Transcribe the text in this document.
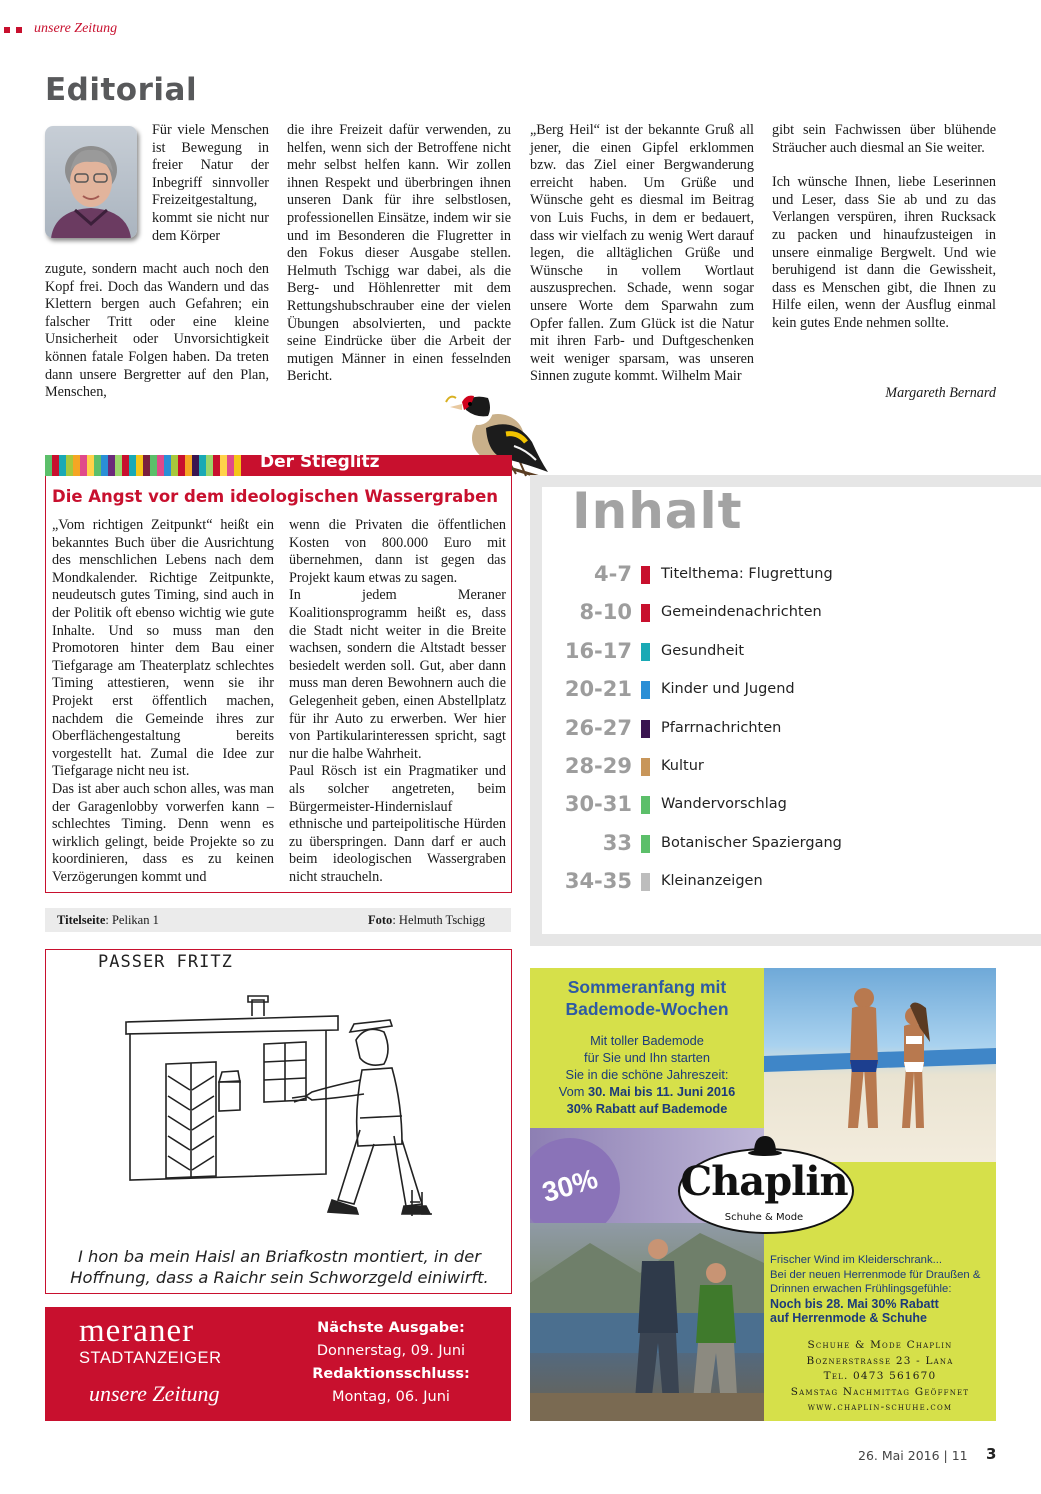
unsere Zeitung
Editorial

Für viele Menschen ist Bewegung in freier Natur der Inbegriff sinnvoller Freizeitgestaltung, kommt sie nicht nur dem Körper

zugute, sondern macht auch noch den Kopf frei. Doch das Wandern und das Klettern bergen auch Gefahren; ein falscher Tritt oder eine kleine Unsicherheit oder Unvorsichtigkeit können fatale Folgen haben. Da treten dann unsere Bergretter auf den Plan, Menschen,

die ihre Freizeit dafür verwenden, zu helfen, wenn sich der Betroffene nicht mehr selbst helfen kann. Wir zollen ihnen Respekt und überbringen ihnen unseren Dank für ihre selbstlosen, professionellen Einsätze, indem wir sie und im Besonderen die Flugretter in den Fokus dieser Ausgabe stellen. Helmuth Tschigg war dabei, als die Berg- und Höhlenretter mit dem Rettungshubschrauber eine der vielen Übungen absolvierten, und packte seine Eindrücke über die Arbeit der mutigen Männer in einen fesselnden Bericht.

„Berg Heil“ ist der bekannte Gruß all jener, die einen Gipfel erklommen bzw. das Ziel einer Bergwanderung erreicht haben. Um Grüße und Wünsche geht es diesmal im Beitrag von Luis Fuchs, in dem er bedauert, dass wir vielfach zu wenig Wert darauf legen, die alltäglichen Grüße und Wünsche in vollem Wortlaut auszusprechen. Schade, wenn sogar unsere Worte dem Sparwahn zum Opfer fallen. Zum Glück ist die Natur mit ihren Farb- und Duftgeschenken weit weniger sparsam, was unseren Sinnen zugute kommt. Wilhelm Mair

gibt sein Fachwissen über blühende Sträucher auch diesmal an Sie weiter.

Ich wünsche Ihnen, liebe Leserinnen und Leser, dass Sie ab und zu das Verlangen verspüren, ihren Rucksack zu packen und hinaufzusteigen in unsere einmalige Bergwelt. Und wie beruhigend ist dann die Gewissheit, dass es Menschen gibt, die Ihnen zu Hilfe eilen, wenn der Ausflug einmal kein gutes Ende nehmen sollte.

Margareth Bernard
Der Stieglitz
Die Angst vor dem ideologischen Wassergraben

„Vom richtigen Zeitpunkt“ heißt ein bekanntes Buch über die Ausrichtung des menschlichen Lebens nach dem Mondkalender. Richtige Zeitpunkte, neudeutsch gutes Timing, sind auch in der Politik oft ebenso wichtig wie gute Inhalte. Und so muss man den Promotoren hinter dem Bau einer Tiefgarage am Theaterplatz schlechtes Timing attestieren, wenn sie ihr Projekt erst öffentlich machen, nachdem die Gemeinde ihres zur Oberflächengestaltung bereits vorgestellt hat. Zumal die Idee zur Tiefgarage nicht neu ist.

Das ist aber auch schon alles, was man der Garagenlobby vorwerfen kann – schlechtes Timing. Denn wenn es wirklich gelingt, beide Projekte so zu koordinieren, dass es zu keinen Verzögerungen kommt und

wenn die Privaten die öffentlichen Kosten von 800.000 Euro mit übernehmen, dann ist gegen das Projekt kaum etwas zu sagen.

In jedem Meraner Koalitionsprogramm heißt es, dass die Stadt nicht weiter in die Breite wachsen, sondern die Altstadt besser besiedelt werden soll. Gut, aber dann muss man deren Bewohnern auch die Gelegenheit geben, einen Abstellplatz für ihr Auto zu erwerben. Wer hier von Partikularinteressen spricht, sagt nur die halbe Wahrheit.

Paul Rösch ist ein Pragmatiker und als solcher angetreten, beim Bürgermeister-Hindernislauf ethnische und parteipolitische Hürden zu überspringen. Dann darf er auch beim ideologischen Wassergraben nicht straucheln.

Titelseite: Pelikan 1	Foto: Helmuth Tschigg
PASSER FRITZ
I hon ba mein Haisl an Briafkostn montiert, in der
Hoffnung, dass a Raichr sein Schworzgeld einiwirft.
meraner
STADTANZEIGER
unsere Zeitung
Nächste Ausgabe:
Donnerstag, 09. Juni
Redaktionsschluss:
Montag, 06. Juni
Inhalt
4-7 Titelthema: Flugrettung
8-10 Gemeindenachrichten
16-17 Gesundheit
20-21 Kinder und Jugend
26-27 Pfarrnachrichten
28-29 Kultur
30-31 Wandervorschlag
33 Botanischer Spaziergang
34-35 Kleinanzeigen
Sommeranfang mit
Bademode-Wochen
Mit toller Bademode
für Sie und Ihn starten
Sie in die schöne Jahreszeit:
Vom 30. Mai bis 11. Juni 2016
30% Rabatt auf Bademode
30% Chaplin
Schuhe & Mode
Frischer Wind im Kleiderschrank...
Bei der neuen Herrenmode für Draußen &
Drinnen erwachen Frühlingsgefühle:
Noch bis 28. Mai 30% Rabatt
auf Herrenmode & Schuhe
Schuhe & Mode Chaplin
Boznerstrasse 23 - Lana
Tel. 0473 561670
Samstag Nachmittag Geöffnet
www.chaplin-schuhe.com
26. Mai 2016 | 11 3
